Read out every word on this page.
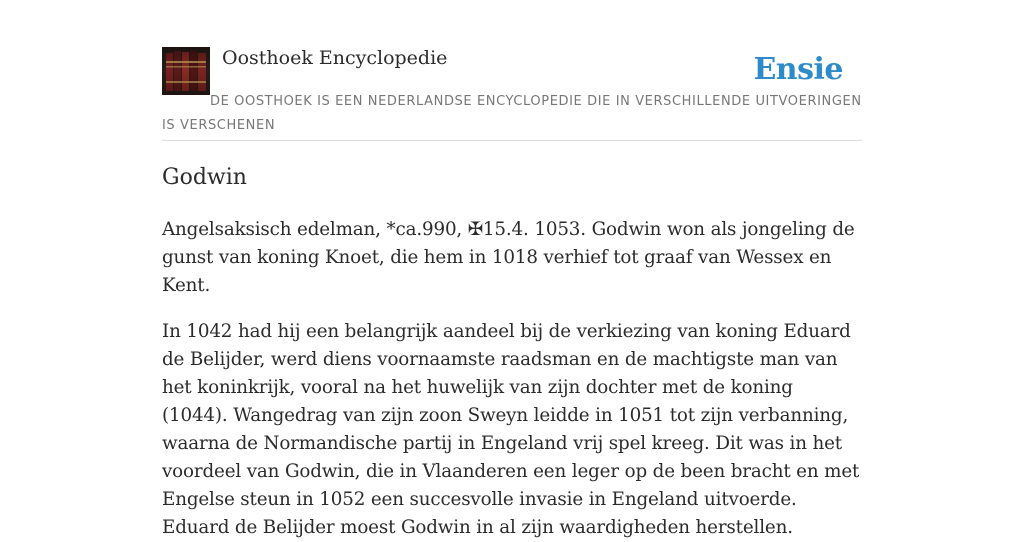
Oosthoek Encyclopedie	Ensie
DE OOSTHOEK IS EEN NEDERLANDSE ENCYCLOPEDIE DIE IN VERSCHILLENDE UITVOERINGEN IS VERSCHENEN
Godwin

Angelsaksisch edelman, *ca.990, ✠15.4. 1053. Godwin won als jongeling de gunst van koning Knoet, die hem in 1018 verhief tot graaf van Wessex en Kent.

In 1042 had hij een belangrijk aandeel bij de verkiezing van koning Eduard de Belijder, werd diens voornaamste raadsman en de machtigste man van het koninkrijk, vooral na het huwelijk van zijn dochter met de koning (1044). Wangedrag van zijn zoon Sweyn leidde in 1051 tot zijn verbanning, waarna de Normandische partij in Engeland vrij spel kreeg. Dit was in het voordeel van Godwin, die in Vlaanderen een leger op de been bracht en met Engelse steun in 1052 een succesvolle invasie in Engeland uitvoerde. Eduard de Belijder moest Godwin in al zijn waardigheden herstellen.
